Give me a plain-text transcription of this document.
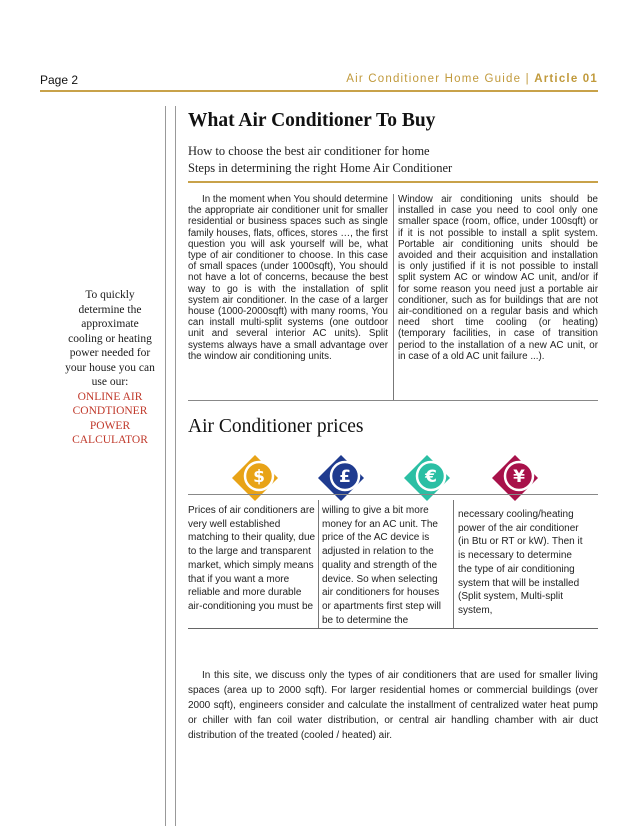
Page 2	Air Conditioner Home Guide | Article 01
To quickly
determine the
approximate
cooling or heating
power needed for
your house you can
use our:
ONLINE AIR
CONDTIONER
POWER
CALCULATOR
What Air Conditioner To Buy
How to choose the best air conditioner for home
Steps in determining the right Home Air Conditioner
In the moment when You should determine the appropriate air conditioner unit for smaller residential or business spaces such as single family houses, flats, offices, stores …, the first question you will ask yourself will be, what type of air conditioner to choose. In this case of small spaces (under 1000sqft), You should not have a lot of concerns, because the best way to go is with the installation of split system air conditioner. In the case of a larger house (1000-2000sqft) with many rooms, You can install multi-split systems (one outdoor unit and several interior AC units). Split systems always have a small advantage over the window air conditioning units.
Window air conditioning units should be installed in case you need to cool only one smaller space (room, office, under 100sqft) or if it is not possible to install a split system. Portable air conditioning units should be avoided and their acquisition and installation is only justified if it is not possible to install split system AC or window AC unit, and/or if for some reason you need just a portable air conditioner, such as for buildings that are not air-conditioned on a regular basis and which need short time cooling (or heating) (temporary facilities, in case of transition period to the installation of a new AC unit, or in case of a old AC unit failure ...).
Air Conditioner prices
$	£	€	¥
Prices of air conditioners are very well established matching to their quality, due to the large and transparent market, which simply means that if you want a more reliable and more durable air-conditioning you must be
willing to give a bit more money for an AC unit. The price of the AC device is adjusted in relation to the quality and strength of the device. So when selecting air conditioners for houses or apartments first step will be to determine the
necessary cooling/heating power of the air conditioner (in Btu or RT or kW). Then it is necessary to determine the type of air conditioning system that will be installed (Split system, Multi-split system,
In this site, we discuss only the types of air conditioners that are used for smaller living spaces (area up to 2000 sqft). For larger residential homes or commercial buildings (over 2000 sqft), engineers consider and calculate the installment of centralized water heat pump or chiller with fan coil water distribution, or central air handling chamber with air duct distribution of the treated (cooled / heated) air.
